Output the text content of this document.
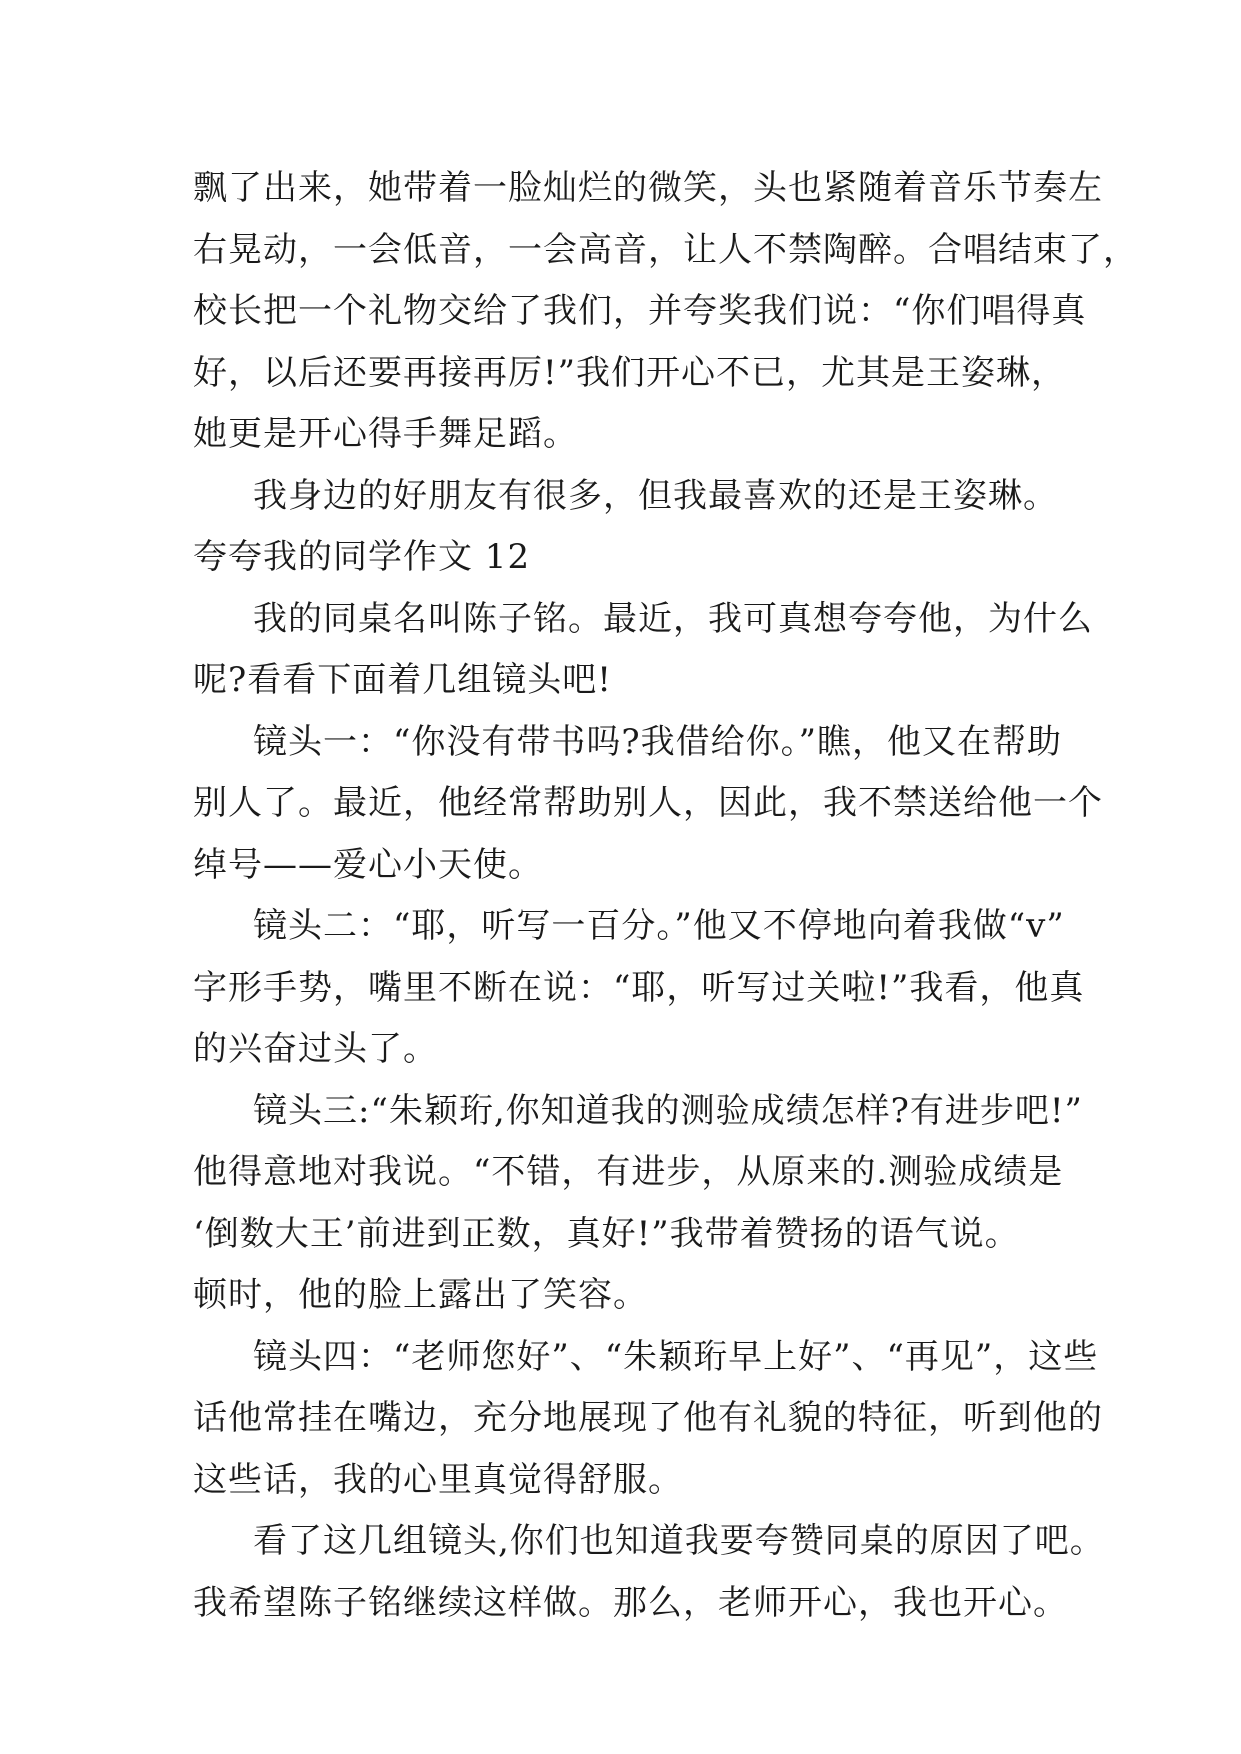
飘了出来，她带着一脸灿烂的微笑，头也紧随着音乐节奏左
右晃动，一会低音，一会高音，让人不禁陶醉。合唱结束了，
校长把一个礼物交给了我们，并夸奖我们说：“你们唱得真
好，以后还要再接再厉!”我们开心不已，尤其是王姿琳，
她更是开心得手舞足蹈。
我身边的好朋友有很多，但我最喜欢的还是王姿琳。
夸夸我的同学作文 12
我的同桌名叫陈子铭。最近，我可真想夸夸他，为什么
呢?看看下面着几组镜头吧!
镜头一：“你没有带书吗?我借给你。”瞧，他又在帮助
别人了。最近，他经常帮助别人，因此，我不禁送给他一个
绰号——爱心小天使。
镜头二：“耶，听写一百分。”他又不停地向着我做“v”
字形手势，嘴里不断在说：“耶，听写过关啦!”我看，他真
的兴奋过头了。
镜头三:“朱颖珩,你知道我的测验成绩怎样?有进步吧!”
他得意地对我说。“不错，有进步，从原来的.测验成绩是
‘倒数大王’前进到正数，真好!”我带着赞扬的语气说。
顿时，他的脸上露出了笑容。
镜头四：“老师您好”、“朱颖珩早上好”、“再见”，这些
话他常挂在嘴边，充分地展现了他有礼貌的特征，听到他的
这些话，我的心里真觉得舒服。
看了这几组镜头,你们也知道我要夸赞同桌的原因了吧。
我希望陈子铭继续这样做。那么，老师开心，我也开心。
